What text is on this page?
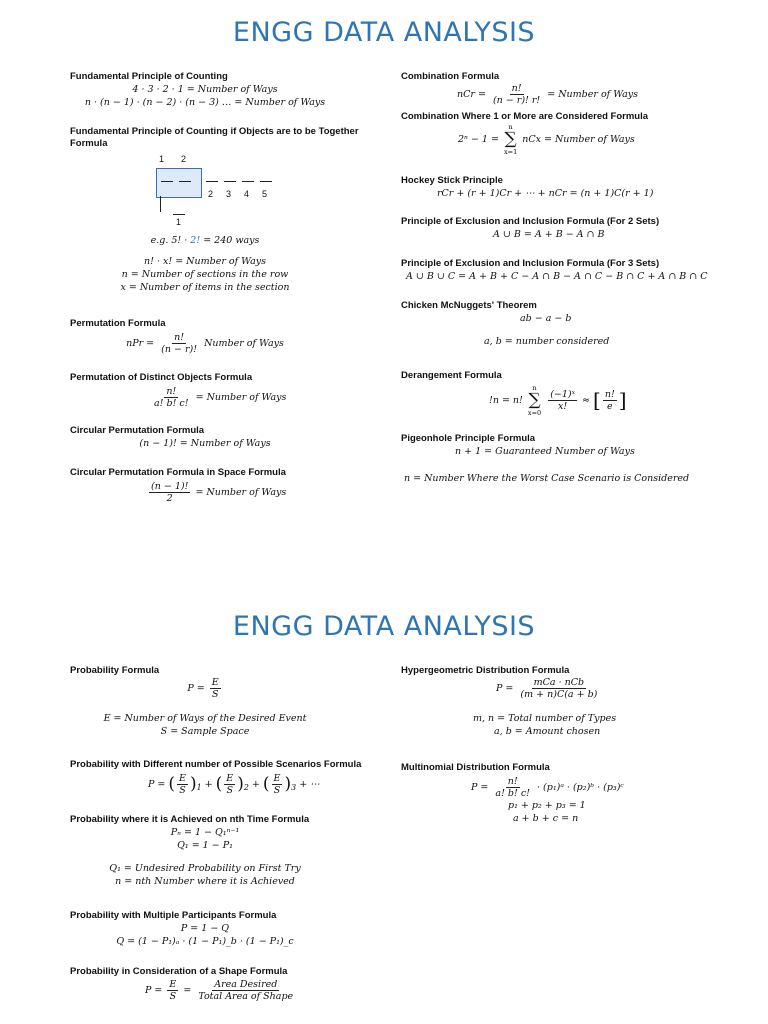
ENGG DATA ANALYSIS

Fundamental Principle of Counting

4 · 3 · 2 · 1 = Number of Ways
n · (n − 1) · (n − 2) · (n − 3) … = Number of Ways

Fundamental Principle of Counting if Objects are to be Together Formula

1 2
2 3 4 5
1
e.g. 5! · 2! = 240 ways
n! · x! = Number of Ways
n = Number of sections in the row
x = Number of items in the section

Permutation Formula

nPr = $\frac{n!}{(n - r)!}$ Number of Ways

Permutation of Distinct Objects Formula

$\frac{n!}{a! b! c!}$ = Number of Ways

Circular Permutation Formula

(n − 1)! = Number of Ways

Circular Permutation Formula in Space Formula

$\frac{(n - 1)!}{2}$ = Number of Ways

Combination Formula

nCr = $\frac{n!}{(n - r)! r!}$ = Number of Ways

Combination Where 1 or More are Considered Formula

2ⁿ − 1 =
n
∑
x=1
nCx = Number of Ways

Hockey Stick Principle

rCr + (r + 1)Cr + ⋯ + nCr = (n + 1)C(r + 1)

Principle of Exclusion and Inclusion Formula (For 2 Sets)

A ∪ B = A + B − A ∩ B

Principle of Exclusion and Inclusion Formula (For 3 Sets)

A ∪ B ∪ C = A + B + C − A ∩ B − A ∩ C − B ∩ C + A ∩ B ∩ C

Chicken McNuggets' Theorem

ab − a − b
a, b = number considered

Derangement Formula

!n = n!
n
∑
x=0

$\frac{\text{(−1)ˣ}}{x!}$ ≈ [ $\frac{n!}{e}$ ]

Pigeonhole Principle Formula

n + 1 = Guaranteed Number of Ways
n = Number Where the Worst Case Scenario is Considered
ENGG DATA ANALYSIS

Probability Formula

$P = \frac{E}{S}$
E = Number of Ways of the Desired Event
S = Sample Space

Probability with Different number of Possible Scenarios Formula

P = ( $\frac{E}{S} )_1$ + ( $\frac{E}{S} )_2$ + ( $\frac{E}{S} )_3$ + ⋯

Probability where it is Achieved on nth Time Formula

Pₙ = 1 − Q₁ⁿ⁻¹
Q₁ = 1 − P₁
Q₁ = Undesired Probability on First Try
n = nth Number where it is Achieved

Probability with Multiple Participants Formula

P = 1 − Q
Q = (1 − P₁)ₐ · (1 − P₁)_b · (1 − P₁)_c

Probability in Consideration of a Shape Formula

$P = \frac{E}{S} = \frac{\text{Area Desired}}{\text{Total Area of Shape}}$

Hypergeometric Distribution Formula

$P = \frac{\text{mCa · nCb}}{(m + n)C(a + b)}$
m, n = Total number of Types
a, b = Amount chosen

Multinomial Distribution Formula

$P = \frac{n!}{a! b! c!}$ · (p₁)ᵃ · (p₂)ᵇ · (p₃)ᶜ
p₁ + p₂ + p₃ = 1
a + b + c = n
